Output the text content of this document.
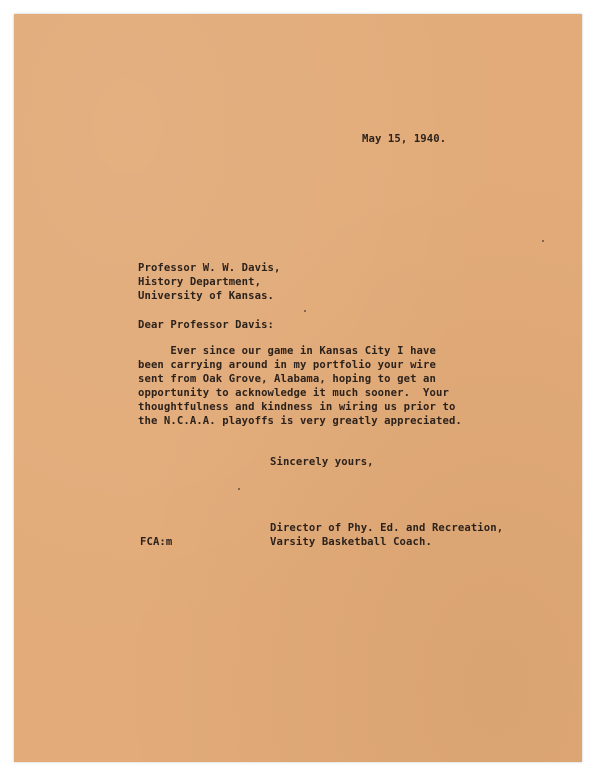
May 15, 1940.

Professor W. W. Davis,

History Department,

University of Kansas.

Dear Professor Davis:

Ever since our game in Kansas City I have

been carrying around in my portfolio your wire

sent from Oak Grove, Alabama, hoping to get an

opportunity to acknowledge it much sooner.  Your

thoughtfulness and kindness in wiring us prior to

the N.C.A.A. playoffs is very greatly appreciated.

Sincerely yours,

Director of Phy. Ed. and Recreation,

Varsity Basketball Coach.

FCA:m
